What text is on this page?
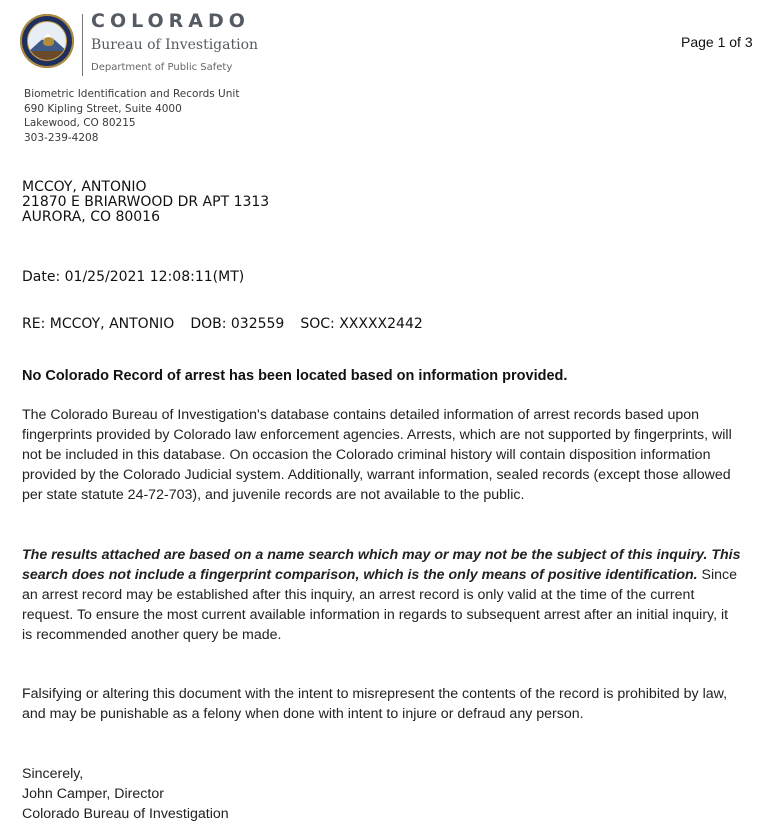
COLORADO
Bureau of Investigation
Department of Public Safety
Page 1 of 3
Biometric Identification and Records Unit
690 Kipling Street, Suite 4000
Lakewood, CO 80215
303-239-4208
MCCOY, ANTONIO
21870 E BRIARWOOD DR APT 1313
AURORA, CO 80016
Date: 01/25/2021 12:08:11(MT)
RE: MCCOY, ANTONIO DOB: 032559 SOC: XXXXX2442
No Colorado Record of arrest has been located based on information provided.
The Colorado Bureau of Investigation's database contains detailed information of arrest records based upon fingerprints provided by Colorado law enforcement agencies. Arrests, which are not supported by fingerprints, will not be included in this database. On occasion the Colorado criminal history will contain disposition information provided by the Colorado Judicial system. Additionally, warrant information, sealed records (except those allowed per state statute 24-72-703), and juvenile records are not available to the public.
The results attached are based on a name search which may or may not be the subject of this inquiry. This search does not include a fingerprint comparison, which is the only means of positive identification. Since an arrest record may be established after this inquiry, an arrest record is only valid at the time of the current request. To ensure the most current available information in regards to subsequent arrest after an initial inquiry, it is recommended another query be made.
Falsifying or altering this document with the intent to misrepresent the contents of the record is prohibited by law, and may be punishable as a felony when done with intent to injure or defraud any person.
Sincerely,
John Camper, Director
Colorado Bureau of Investigation
